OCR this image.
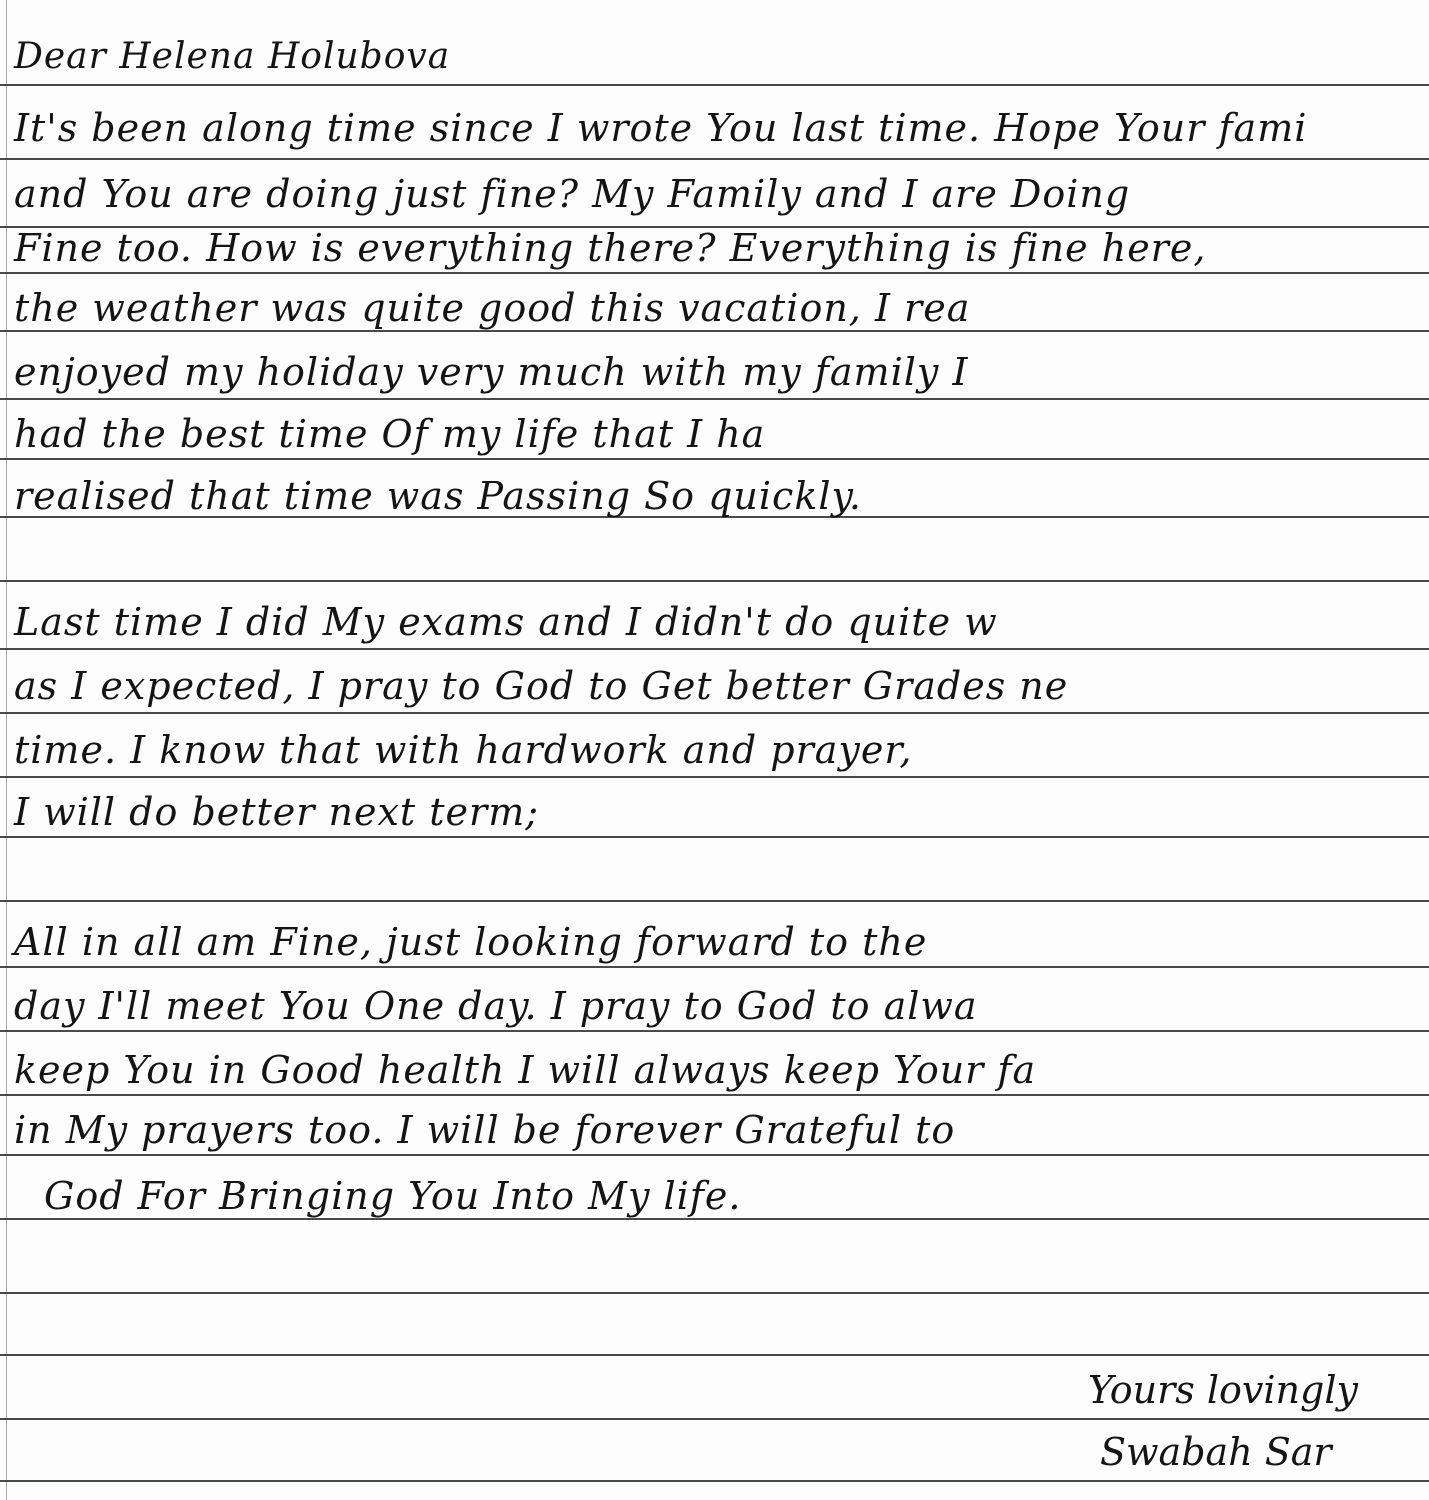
Dear Helena Holubova
It's been along time since I wrote You last time. Hope Your fami
and You are doing just fine? My Family and I are Doing
Fine too. How is everything there? Everything is fine here,
the weather was quite good this vacation, I rea
enjoyed my holiday very much with my family I
had the best time Of my life that I ha
realised that time was Passing So quickly.
Last time I did My exams and I didn't do quite w
as I expected, I pray to God to Get better Grades ne
time. I know that with hardwork and prayer,
I will do better next term;
All in all am Fine, just looking forward to the
day I'll meet You One day. I pray to God to alwa
keep You in Good health I will always keep Your fa
in My prayers too. I will be forever Grateful to
God For Bringing You Into My life.
Yours lovingly
Swabah Sar
